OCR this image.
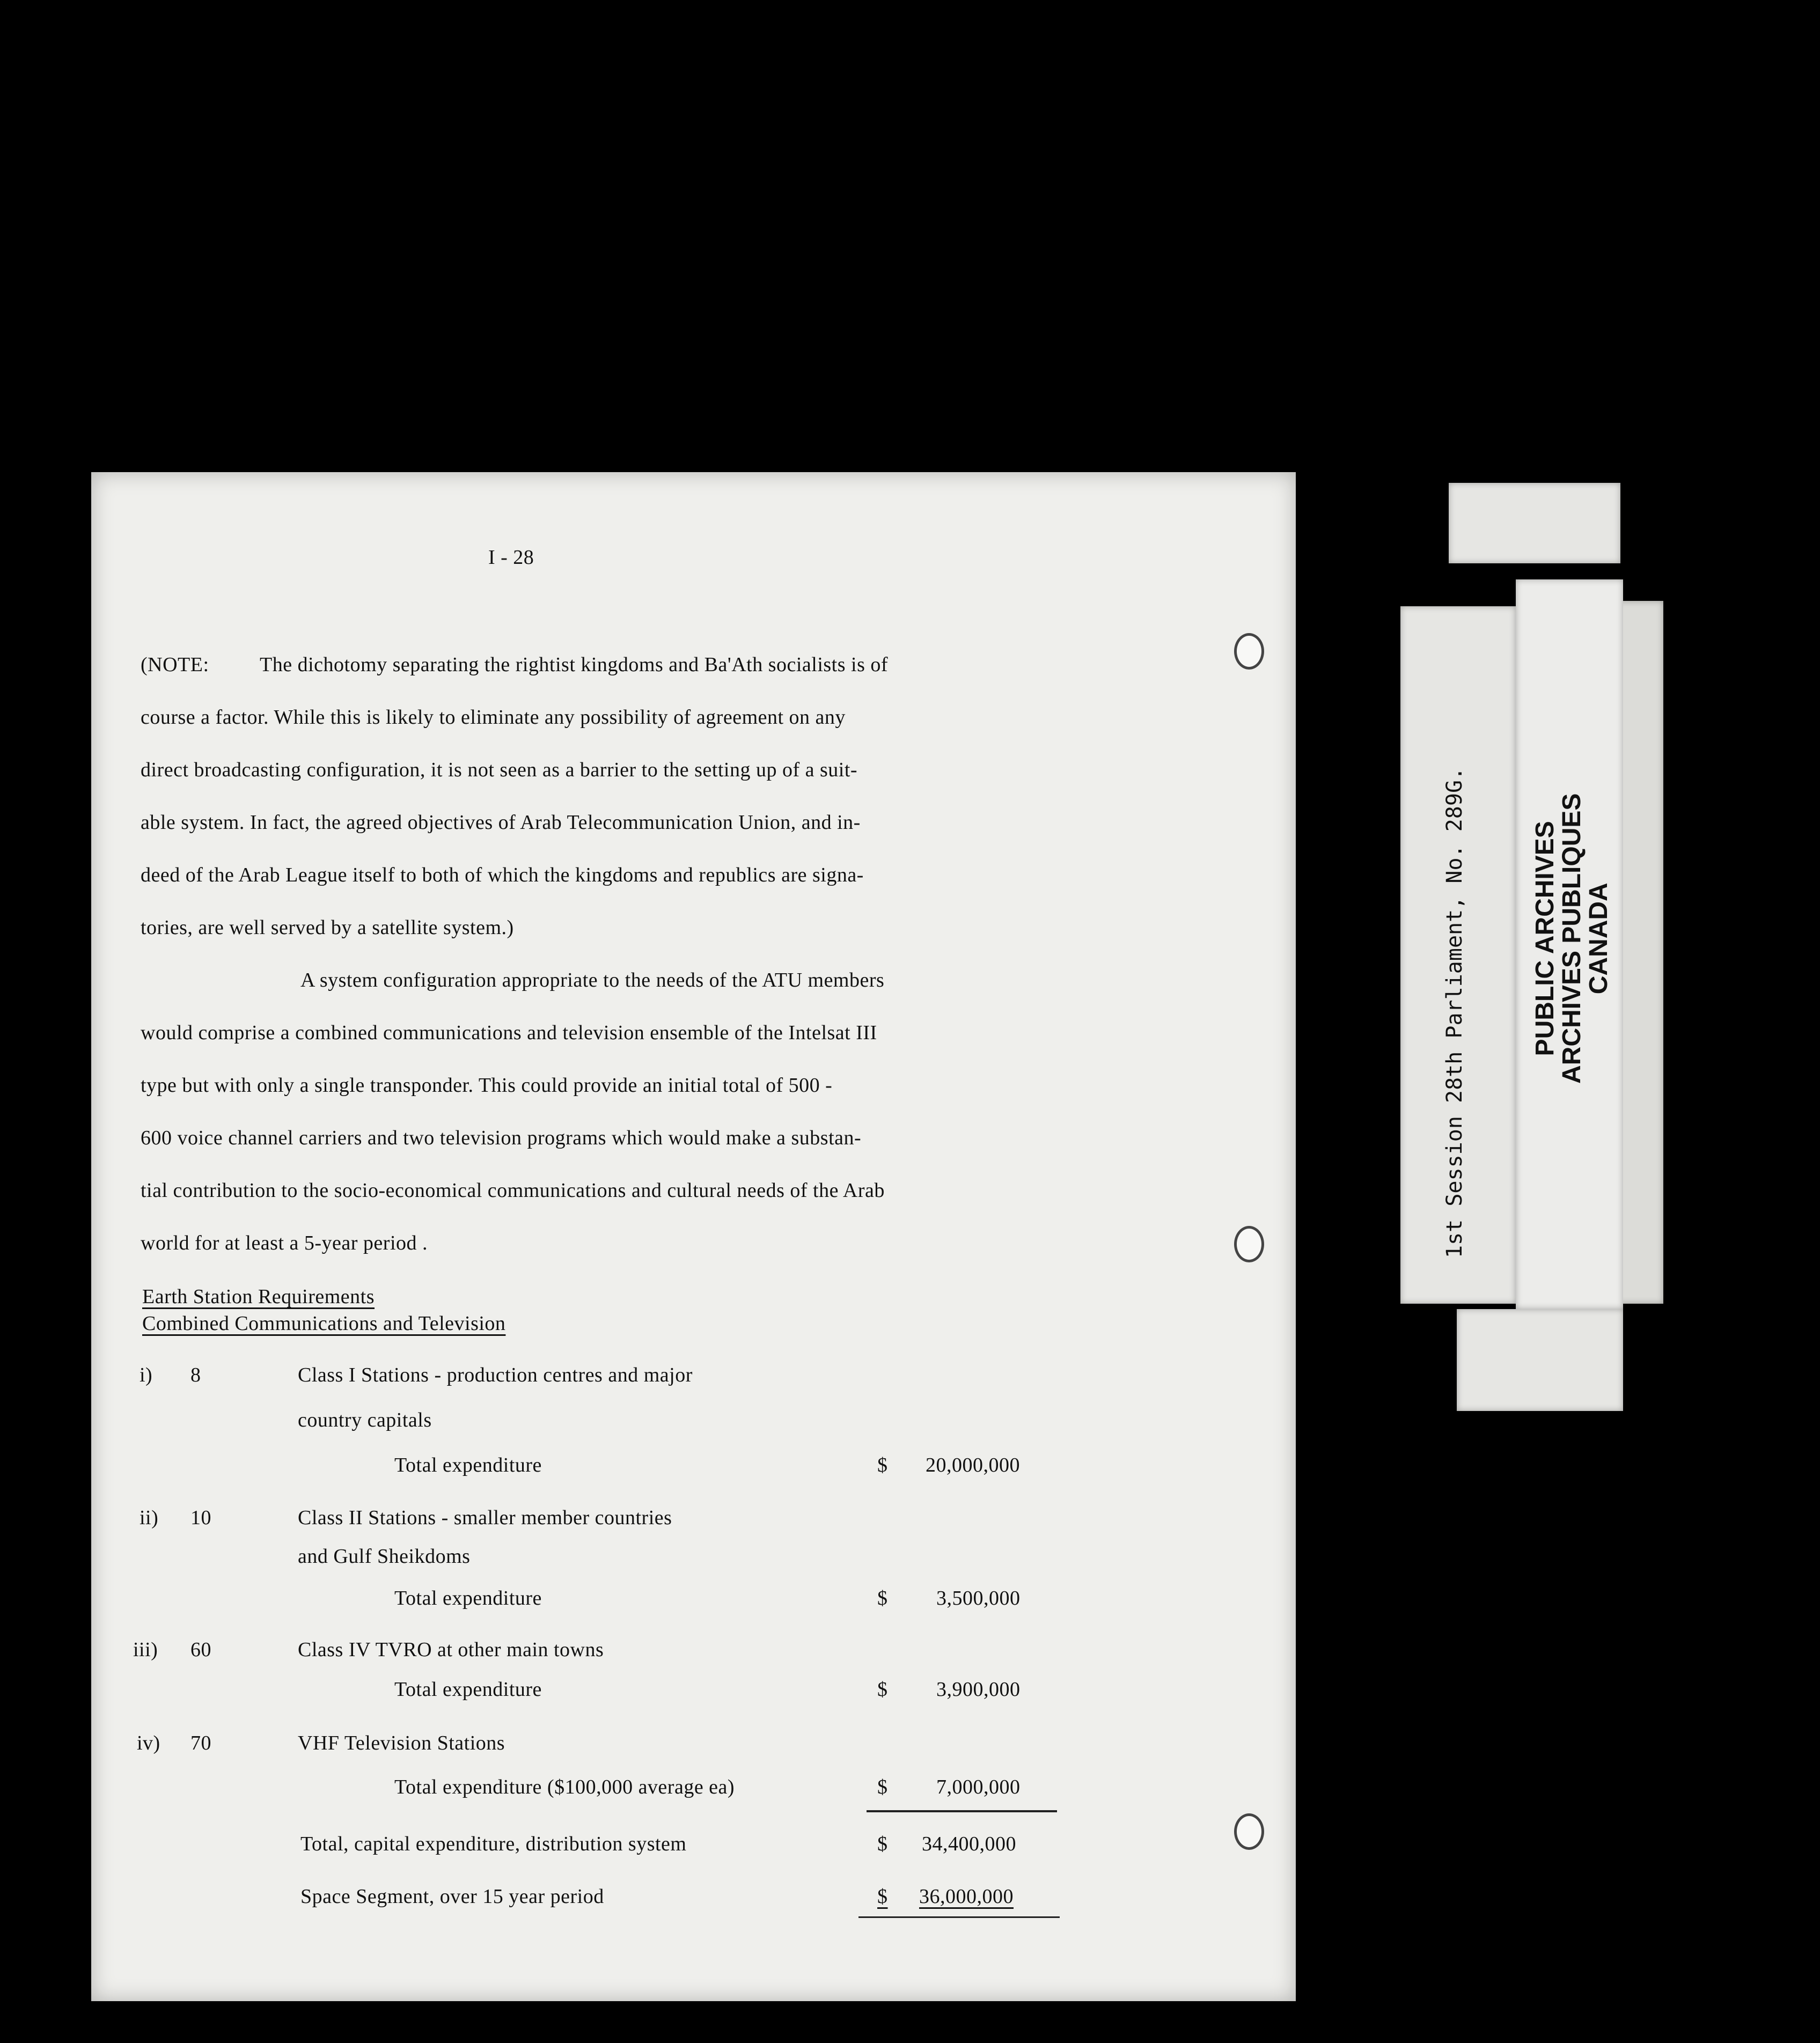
I - 28
(NOTE: The dichotomy separating the rightist kingdoms and Ba'Ath socialists is of
course a factor. While this is likely to eliminate any possibility of agreement on any
direct broadcasting configuration, it is not seen as a barrier to the setting up of a suit-
able system. In fact, the agreed objectives of Arab Telecommunication Union, and in-
deed of the Arab League itself to both of which the kingdoms and republics are signa-
tories, are well served by a satellite system.)
A system configuration appropriate to the needs of the ATU members
would comprise a combined communications and television ensemble of the Intelsat III
type but with only a single transponder. This could provide an initial total of 500 -
600 voice channel carriers and two television programs which would make a substan-
tial contribution to the socio-economical communications and cultural needs of the Arab
world for at least a 5-year period .
Earth Station Requirements
Combined Communications and Television
i) 8	Class I Stations - production centres and major
country capitals
Total expenditure	$ 20,000,000
ii) 10	Class II Stations - smaller member countries
and Gulf Sheikdoms
Total expenditure	$ 3,500,000
iii) 60	Class IV TVRO at other main towns
Total expenditure	$ 3,900,000
iv) 70	VHF Television Stations
Total expenditure ($100,000 average ea)	$ 7,000,000
Total, capital expenditure, distribution system	$ 34,400,000
Space Segment, over 15 year period	$ 36,000,000
1st Session 28th Parliament, No. 289G. PUBLIC ARCHIVES
ARCHIVES PUBLIQUES
CANADA
